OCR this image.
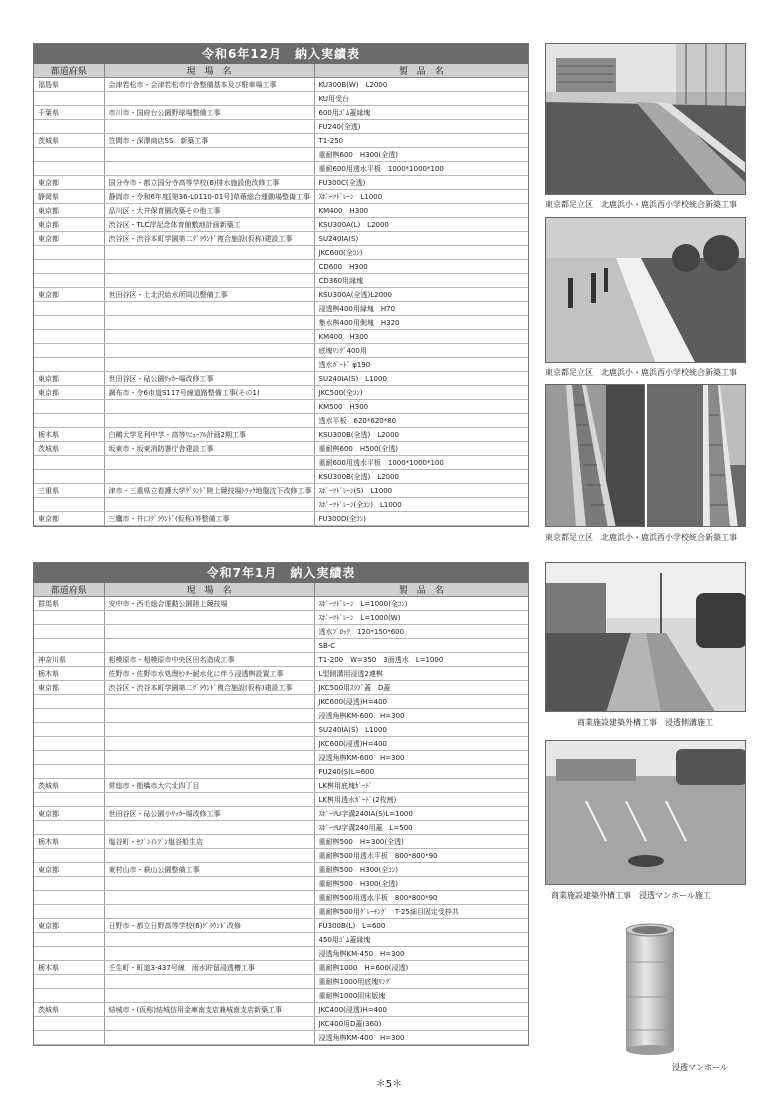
令和6年12月　納入実績表
都道府県	現　場　名	製　品　名
福島県	会津若松市・会津若松市庁舎整備基本及び駐車場工事	KU300B(W)　L2000
		KU用受台
千葉県	市川市・国府台公園野球場整備工事	600用ｺﾞﾑ蓋縁塊
		FU240(全透)
茨城県	笠間市・深澤商店SS　新築工事	T1-250
		重耐桝600　H300(全透)
		重耐600用透水平板　1000*1000*100
東京都	国分寺市・都立国分寺高等学校(6)排水施設他改修工事	FU300C(全透)
静岡県	静岡市・令和6年度[第36-L0110-01号]草薙総合運動場整備工事	ｽﾎﾟｰﾂﾄﾞﾚｰﾝ　L1000
東京都	品川区・大井保育園改築その他工事	KM400　H300
東京都	渋谷区・TLC岸記念体育館敷地計画新築工	KSU300A(L)　L2000
東京都	渋谷区・渋谷本町学園第二ｸﾞﾗｳﾝﾄﾞ複合施設(仮称)建設工事	SU240ⅠA(S)
		JKC600(全ｺﾝ)
		CD600　H300
		CD360用縁塊
東京都	世田谷区・上北沢給水所周辺整備工事	KSU300A(全透)L2000
		浸透桝400用縁塊　H70
		集水桝400用側塊　H320
		KM400　H300
		底塊ﾘﾝｸﾞ400用
		透水ｶﾞｰﾄﾞ φ190
東京都	世田谷区・砧公園ｻｯｶｰ場改修工事	SU240ⅠA(S)　L1000
東京都	調布市・令6市道S117号線道路整備工事(その1)	JKC500(全ｺﾝ)
		KM500　H300
		透水平板　620*620*80
栃木県	白鷗大学足利中学・高等ﾘﾆｭｰｱﾙ計画2期工事	KSU300B(全透)　L2000
茨城県	坂東市・坂東消防署庁舎建設工事	重耐桝600　H500(全透)
		重耐600用透水平板　1000*1000*100
		KSU300B(全透)　L2000
三重県	津市・三重県立看護大学ｸﾞﾗﾝﾄﾞ陸上競技場ﾄﾗｯｸ地盤沈下改修工事	ｽﾎﾟｰﾂﾄﾞﾚｰﾝ(S)　L1000
		ｽﾎﾟｰﾂﾄﾞﾚｰﾝ(全ｺﾝ)　L1000
東京都	三鷹市・井口ｸﾞﾗｳﾝﾄﾞ(仮称)等整備工事	FU300D(全ｺﾝ)
令和7年1月　納入実績表
都道府県	現　場　名	製　品　名
群馬県	安中市・西毛総合運動公園陸上競技場	ｽﾎﾟｰﾂﾄﾞﾚｰﾝ　L=1000(全ｺﾝ)
		ｽﾎﾟｰﾂﾄﾞﾚｰﾝ　L=1000(W)
		透水ﾌﾞﾛｯｸ　120*150*600
		SB-C
神奈川県	相模原市・相模原市中央区田名造成工事	T1-200　W=350　3面透水　L=1000
栃木県	佐野市・佐野市水処理ｾﾝﾀｰ耐水化に伴う浸透桝設置工事	L型側溝用浸透2連桝
東京都	渋谷区・渋谷本町学園第二ｸﾞﾗｳﾝﾄﾞ複合施設(仮称)建設工事	JKC500用ｽﾗﾌﾞ蓋　D蓋
		JKC600(浸透)H=400
		浸透角桝KM-600　H=300
		SU240ⅠA(S)　L1000
		JKC600(浸透)H=400
		浸透角桝KM-600　H=300
		FU240(S)L=600
茨城県	常総市・船橋市大穴北四丁目	LK桝用底塊ｶﾞｰﾄﾞ
		LK桝用透水ｶﾞｰﾄﾞ(2枚割)
東京都	世田谷区・砧公園小ｻｯｶｰ場改修工事	ｽﾎﾟｰﾂU字溝240ⅠA(S)L=1000
		ｽﾎﾟｰﾂU字溝240用蓋　L=500
栃木県	塩谷町・ｾﾌﾞﾝｲﾚﾌﾞﾝ塩谷船生店	重耐桝500　H=300(全透)
		重耐桝500用透水平板　800*800*90
東京都	東村山市・萩山公園整備工事	重耐桝500　H300(全ｺﾝ)
		重耐桝500　H300(全透)
		重耐桝500用透水平板　800*800*90
		重耐桝500用ｸﾞﾚｰﾁﾝｸﾞ　T-25細目固定受枠共
東京都	日野市・都立日野高等学校(6)ｸﾞﾗｳﾝﾄﾞ改修	FU300B(L)　L=600
		450用ｺﾞﾑ蓋縁塊
		浸透角桝KM-450　H=300
栃木県	壬生町・町道3-437号線　雨水貯留浸透槽工事	重耐桝1000　H=600(浸透)
		重耐桝1000用底塊ﾘﾝｸﾞ
		重耐桝1000用床版塊
茨城県	結城市・(仮称)結城信用金庫南支店兼城南支店新築工事	JKC400(浸透)H=400
		JKC400用D蓋(360)
		浸透角桝KM-400　H=300
東京都足立区　北鹿浜小・鹿浜西小学校統合新築工事
東京都足立区　北鹿浜小・鹿浜西小学校統合新築工事
東京都足立区　北鹿浜小・鹿浜西小学校統合新築工事
商業施設建築外構工事　浸透側溝施工
商業施設建築外構工事　浸透マンホール施工
浸透マンホール
＊5＊
